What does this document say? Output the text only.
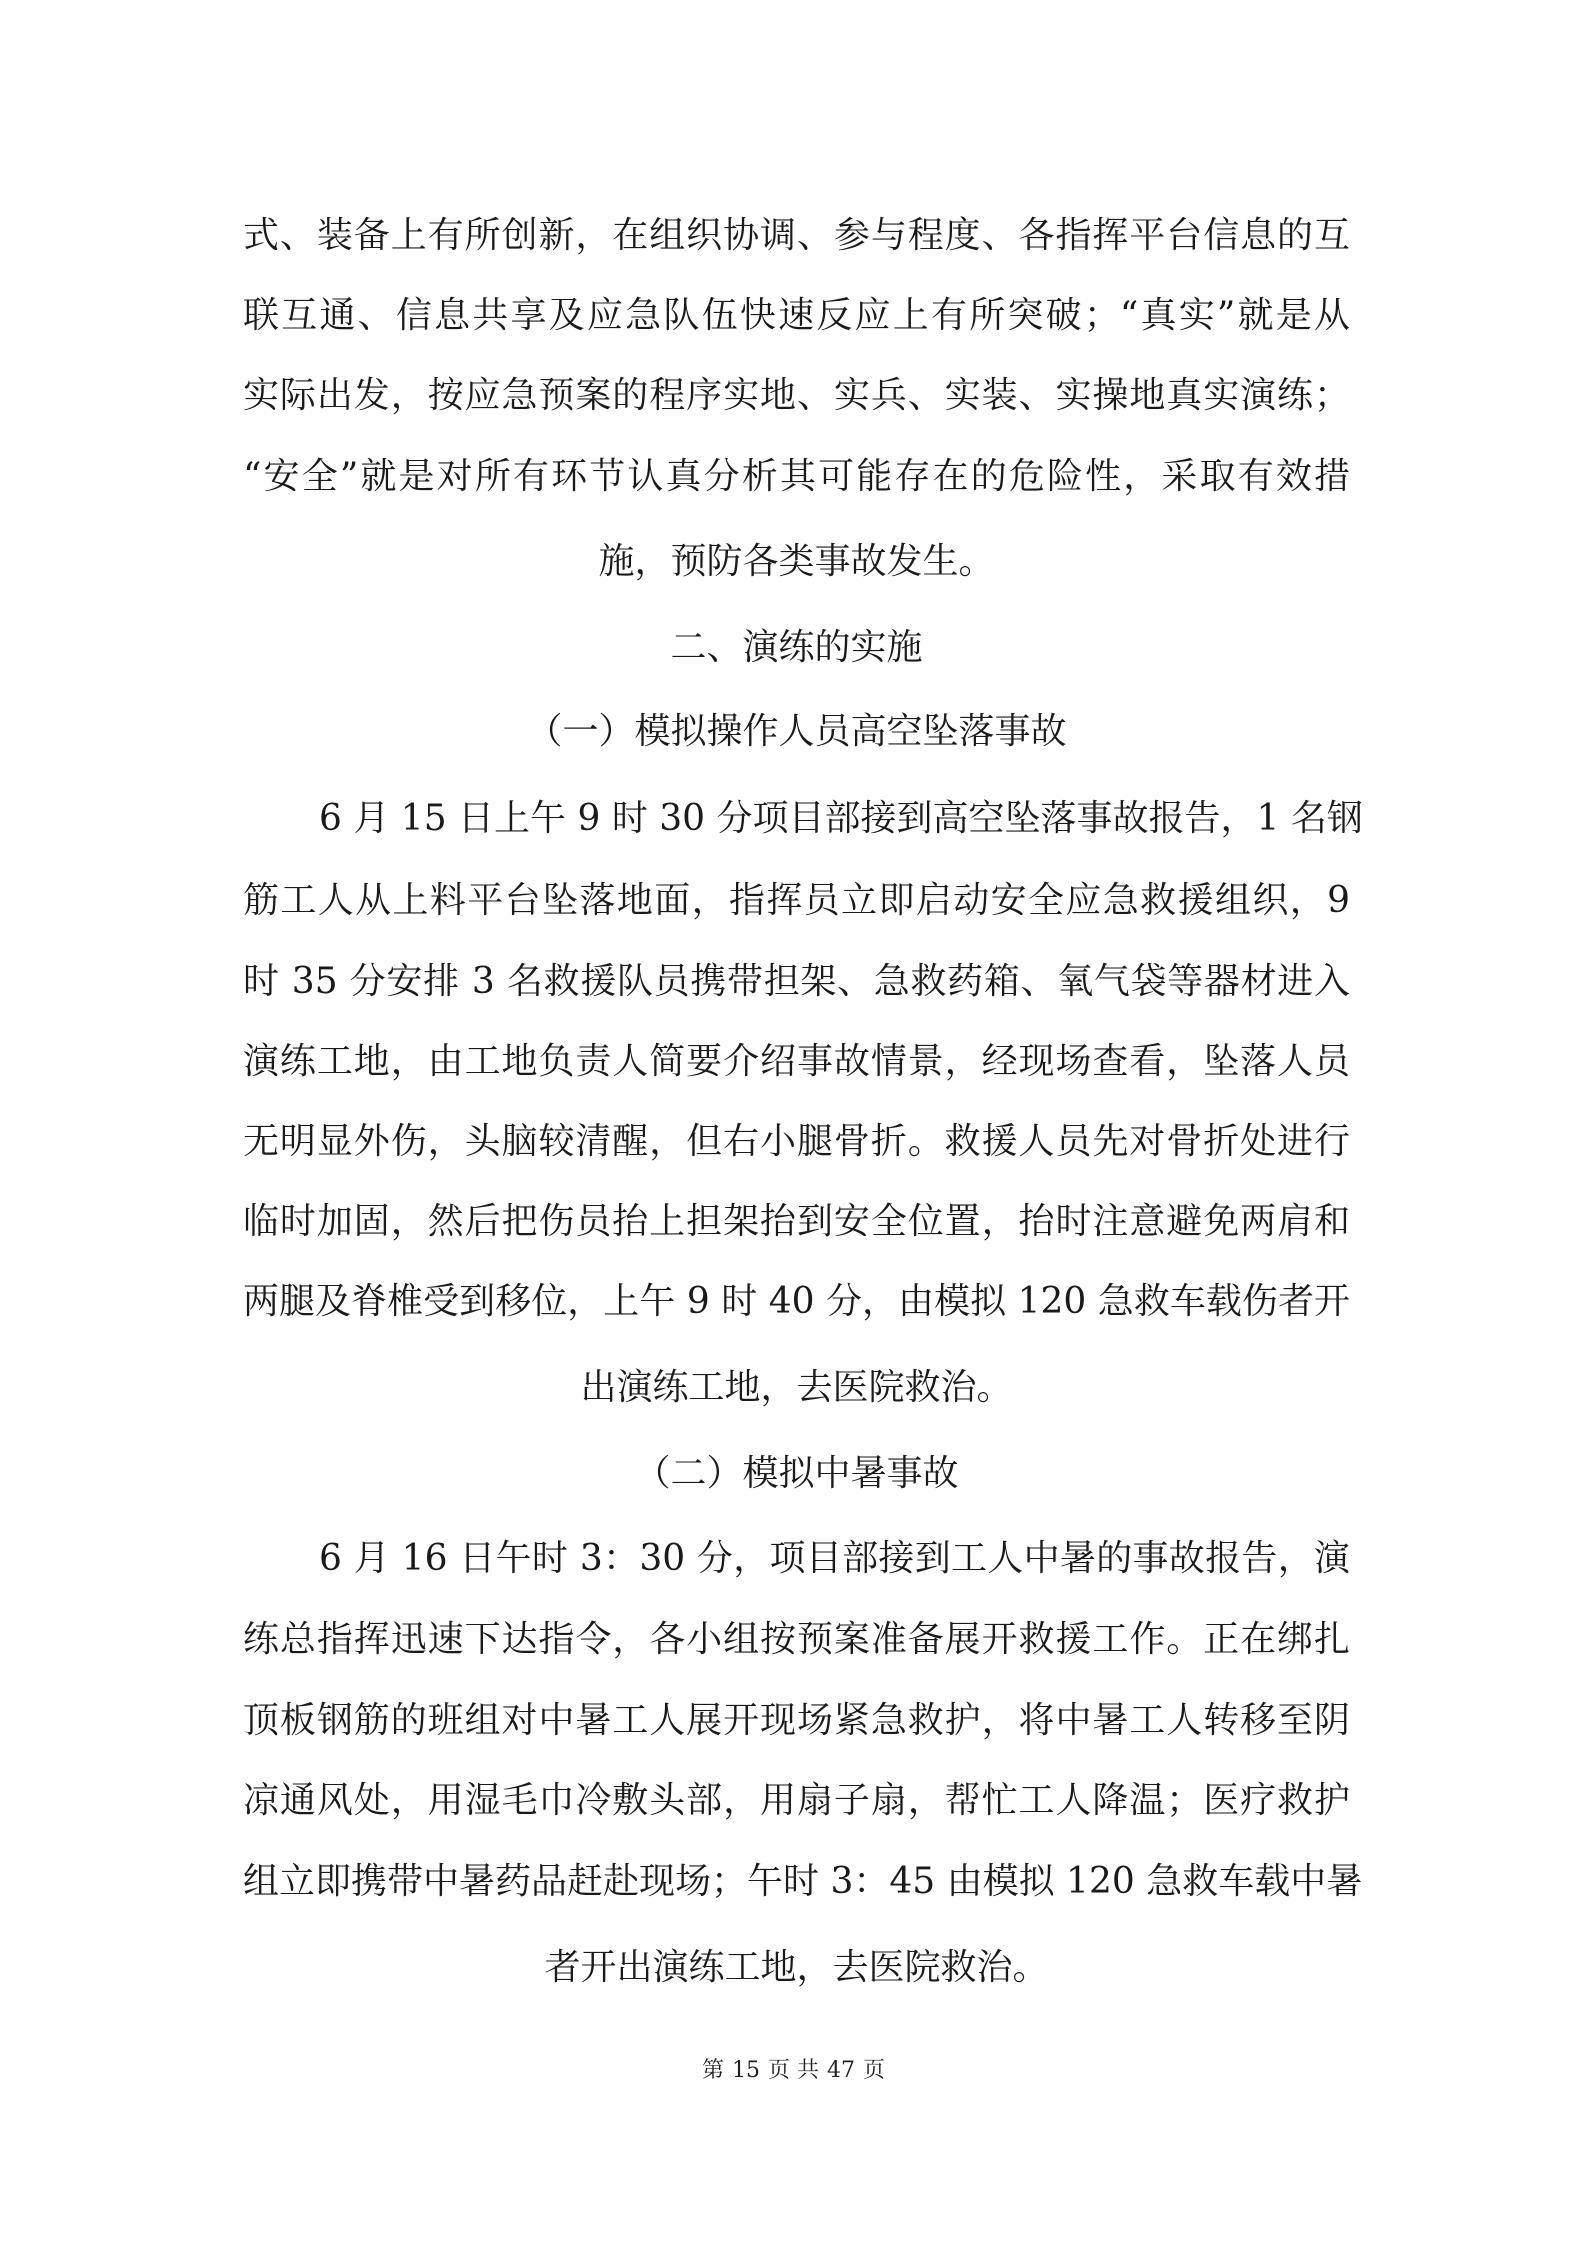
式、装备上有所创新，在组织协调、参与程度、各指挥平台信息的互
联互通、信息共享及应急队伍快速反应上有所突破；“真实”就是从
实际出发，按应急预案的程序实地、实兵、实装、实操地真实演练；
“安全”就是对所有环节认真分析其可能存在的危险性，采取有效措
施，预防各类事故发生。
二、演练的实施
（一）模拟操作人员高空坠落事故
6 月 15 日上午 9 时 30 分项目部接到高空坠落事故报告，1 名钢
筋工人从上料平台坠落地面，指挥员立即启动安全应急救援组织，9
时 35 分安排 3 名救援队员携带担架、急救药箱、氧气袋等器材进入
演练工地，由工地负责人简要介绍事故情景，经现场查看，坠落人员
无明显外伤，头脑较清醒，但右小腿骨折。救援人员先对骨折处进行
临时加固，然后把伤员抬上担架抬到安全位置，抬时注意避免两肩和
两腿及脊椎受到移位，上午 9 时 40 分，由模拟 120 急救车载伤者开
出演练工地，去医院救治。
（二）模拟中暑事故
6 月 16 日午时 3：30 分，项目部接到工人中暑的事故报告，演
练总指挥迅速下达指令，各小组按预案准备展开救援工作。正在绑扎
顶板钢筋的班组对中暑工人展开现场紧急救护，将中暑工人转移至阴
凉通风处，用湿毛巾冷敷头部，用扇子扇，帮忙工人降温；医疗救护
组立即携带中暑药品赶赴现场；午时 3：45 由模拟 120 急救车载中暑
者开出演练工地，去医院救治。
第 15 页 共 47 页
